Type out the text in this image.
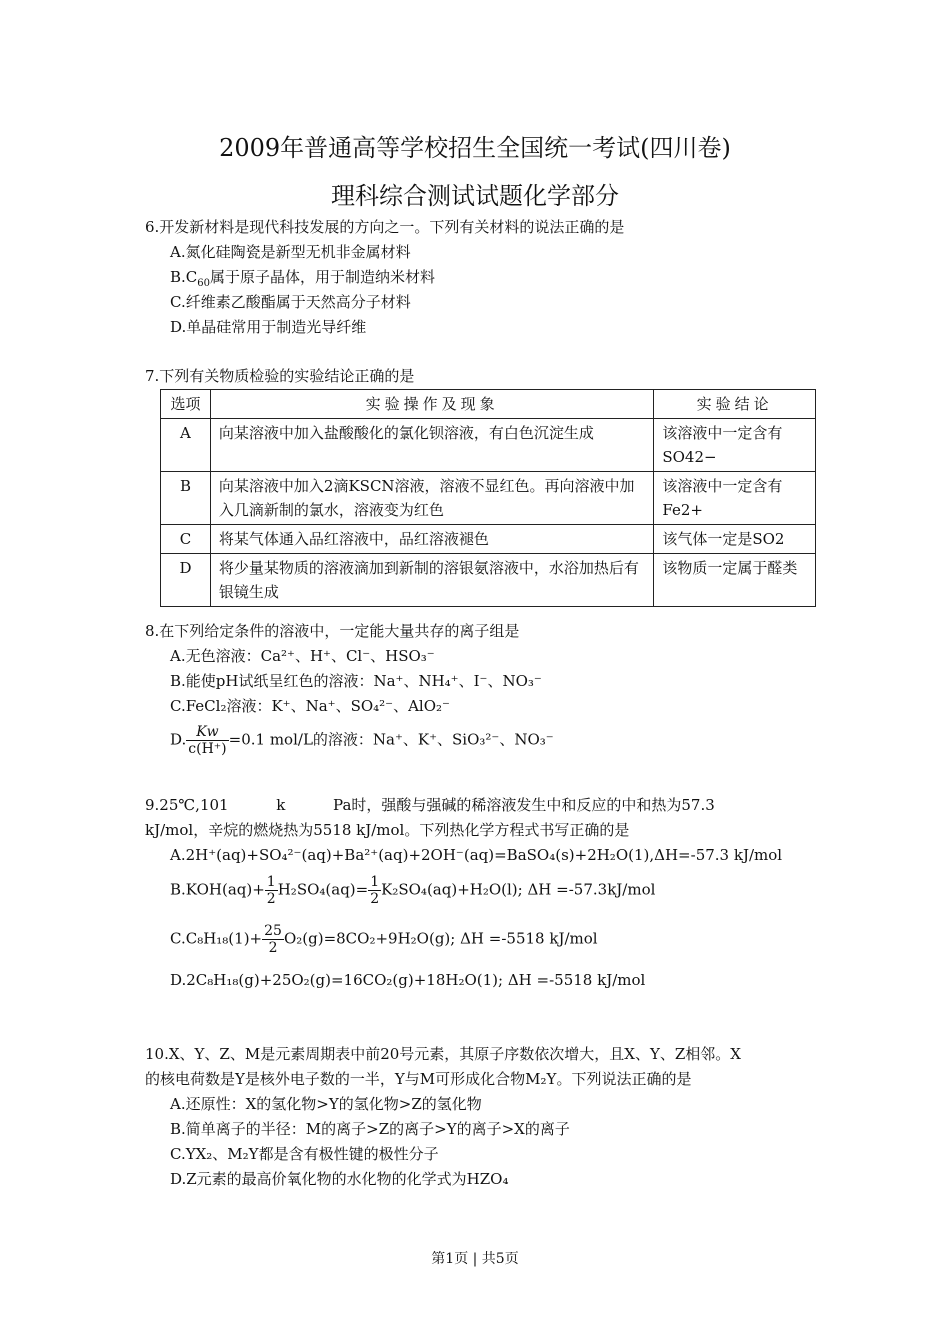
2009年普通高等学校招生全国统一考试(四川卷)
理科综合测试试题化学部分
6.开发新材料是现代科技发展的方向之一。下列有关材料的说法正确的是
A.氮化硅陶瓷是新型无机非金属材料
$B.C_{60}$属于原子晶体，用于制造纳米材料
C.纤维素乙酸酯属于天然高分子材料
D.单晶硅常用于制造光导纤维
7.下列有关物质检验的实验结论正确的是
选项	实验操作及现象	实验结论
A	向某溶液中加入盐酸酸化的氯化钡溶液，有白色沉淀生成	该溶液中一定含有SO42−
B	向某溶液中加入2滴KSCN溶液，溶液不显红色。再向溶液中加入几滴新制的氯水，溶液变为红色	该溶液中一定含有Fe2+
C	将某气体通入品红溶液中，品红溶液褪色	该气体一定是SO2
D	将少量某物质的溶液滴加到新制的溶银氨溶液中，水浴加热后有银镜生成	该物质一定属于醛类
8.在下列给定条件的溶液中，一定能大量共存的离子组是
A.无色溶液：Ca²⁺、H⁺、Cl⁻、HSO₃⁻
B.能使pH试纸呈红色的溶液：Na⁺、NH₄⁺、I⁻、NO₃⁻
C.FeCl₂溶液：K⁺、Na⁺、SO₄²⁻、AlO₂⁻
D. $\frac{Kw}{c(H^+)} =0.1$ mol/L的溶液：Na⁺、K⁺、SiO₃²⁻、NO₃⁻
9.25℃,101          k          Pa时，强酸与强碱的稀溶液发生中和反应的中和热为57.3
kJ/mol，辛烷的燃烧热为5518 kJ/mol。下列热化学方程式书写正确的是
A.2H⁺(aq)+SO₄²⁻(aq)+Ba²⁺(aq)+2OH⁻(aq)=BaSO₄(s)+2H₂O(1),ΔH=-57.3 kJ/mol
$B.KOH(aq)+ \frac{1}{2} H_2SO_4(aq)= \frac{1}{2} K_2SO_4(aq)+H_2O(l)$; ΔH =-57.3kJ/mol
$C.C_8H_{18}(1)+ \frac{25}{2} O_2(g)=8CO_2+9H_2O(g)$; ΔH =-5518 kJ/mol
D.2C₈H₁₈(g)+25O₂(g)=16CO₂(g)+18H₂O(1); ΔH =-5518 kJ/mol
10.X、Y、Z、M是元素周期表中前20号元素，其原子序数依次增大，且X、Y、Z相邻。X
的核电荷数是Y是核外电子数的一半，Y与M可形成化合物M₂Y。下列说法正确的是
A.还原性：X的氢化物>Y的氢化物>Z的氢化物
B.简单离子的半径：M的离子>Z的离子>Y的离子>X的离子
C.YX₂、M₂Y都是含有极性键的极性分子
D.Z元素的最高价氧化物的水化物的化学式为HZO₄
第1页 | 共5页
